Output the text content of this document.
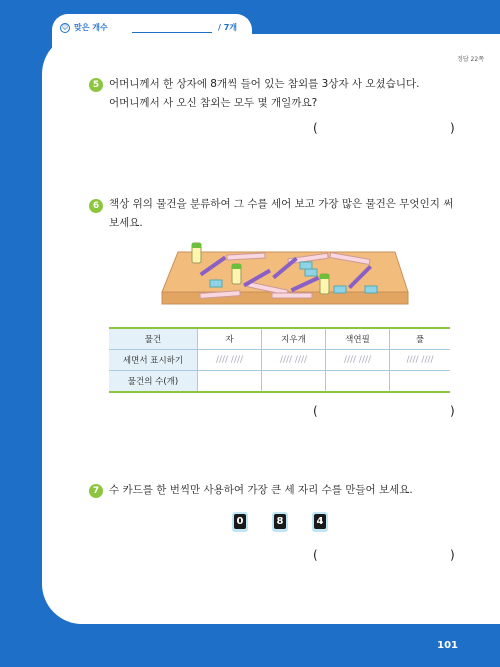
☺ 맞은 개수	/ 7개
정답 22쪽
5 어머니께서 한 상자에 8개씩 들어 있는 참외를 3상자 사 오셨습니다.
어머니께서 사 오신 참외는 모두 몇 개일까요?
(	)
6 책상 위의 물건을 분류하여 그 수를 세어 보고 가장 많은 물건은 무엇인지 써
보세요.
물건	자	지우개	색연필	풀
세면서 표시하기	//// ////	//// ////	//// ////	//// ////
물건의 수(개)				
(	)
7 수 카드를 한 번씩만 사용하여 가장 큰 세 자리 수를 만들어 보세요.
0	8	4
(	)
101
